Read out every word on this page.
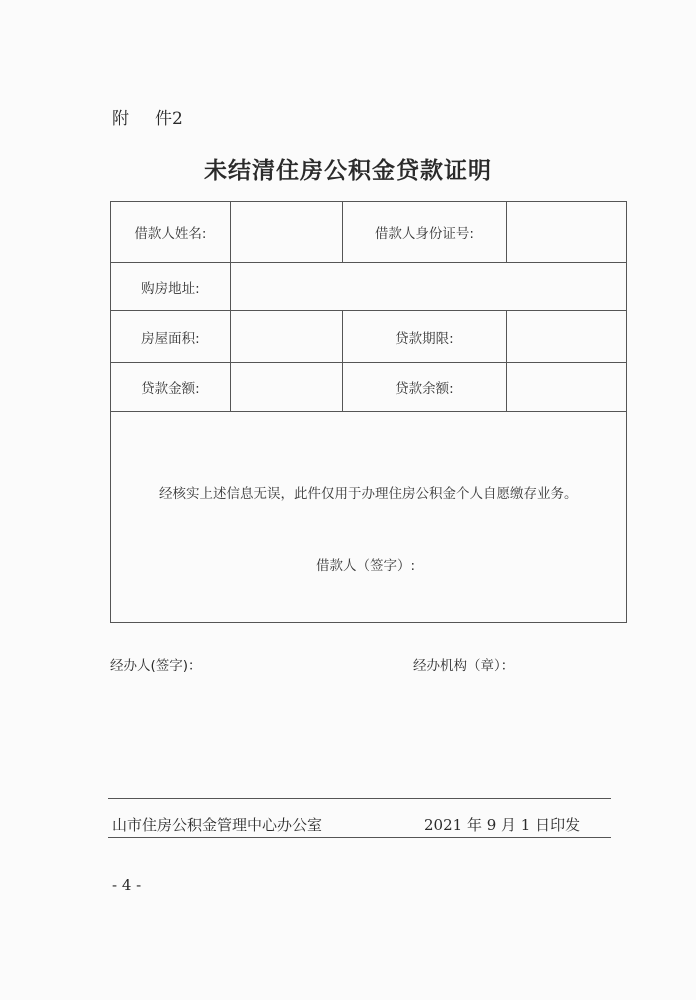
附 件2
未结清住房公积金贷款证明
借款人姓名:		借款人身份证号:	
购房地址:			
房屋面积:		贷款期限:	
贷款金额:		贷款余额:	

经核实上述信息无误，此件仅用于办理住房公积金个人自愿缴存业务。
借款人（签字）:			
经办人(签字)：	经办机构（章）：
山市住房公积金管理中心办公室	2021 年 9 月 1 日印发
- 4 -
